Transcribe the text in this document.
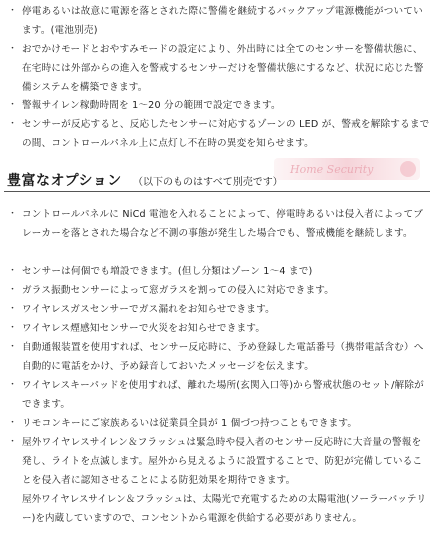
・ 停電あるいは故意に電源を落とされた際に警備を継続するバックアップ電源機能がついています。(電池別売)
・ おでかけモードとおやすみモードの設定により、外出時には全てのセンサーを警備状態に、在宅時には外部からの進入を警戒するセンサーだけを警備状態にするなど、状況に応じた警備システムを構築できます。
・ 警報サイレン稼動時間を 1～20 分の範囲で設定できます。
・ センサーが反応すると、反応したセンサーに対応するゾーンの LED が、警戒を解除するまでの間、コントロールパネル上に点灯し不在時の異変を知らせます。
Home Security
豊富なオプション （以下のものはすべて別売です）
・ コントロールパネルに NiCd 電池を入れることによって、停電時あるいは侵入者によってブレーカーを落とされた場合など不測の事態が発生した場合でも、警戒機能を継続します。
・ センサーは何個でも増設できます。(但し分類はゾーン 1～4 まで)
・ ガラス振動センサーによって窓ガラスを割っての侵入に対応できます。
・ ワイヤレスガスセンサーでガス漏れをお知らせできます。
・ ワイヤレス煙感知センサーで火災をお知らせできます。
・ 自動通報装置を使用すれば、センサー反応時に、予め登録した電話番号（携帯電話含む）へ自動的に電話をかけ、予め録音しておいたメッセージを伝えます。
・ ワイヤレスキーパッドを使用すれば、離れた場所(玄関入口等)から警戒状態のセット/解除ができます。
・ リモコンキーにご家族あるいは従業員全員が 1 個づつ持つこともできます。
・ 屋外ワイヤレスサイレン＆フラッシュは緊急時や侵入者のセンサー反応時に大音量の警報を発し、ライトを点滅します。屋外から見えるように設置することで、防犯が完備していることを侵入者に認知させることによる防犯効果を期待できます。
屋外ワイヤレスサイレン＆フラッシュは、太陽光で充電するための太陽電池(ソーラーバッテリー)を内蔵していますので、コンセントから電源を供給する必要がありません。
